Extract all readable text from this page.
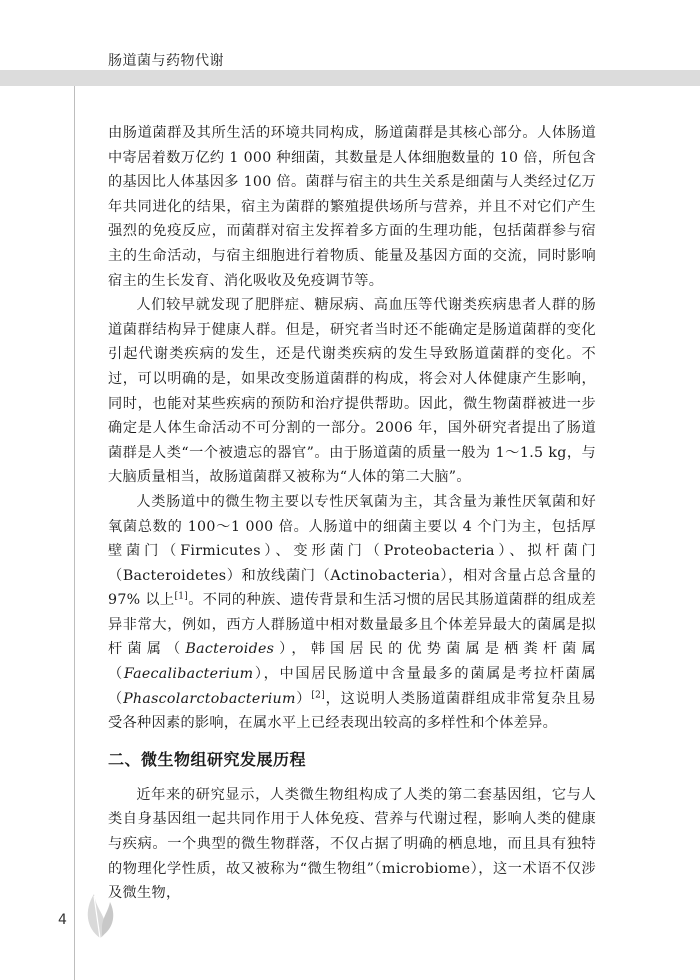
肠道菌与药物代谢

由肠道菌群及其所生活的环境共同构成，肠道菌群是其核心部分。人体肠道中寄居着数万亿约 1 000 种细菌，其数量是人体细胞数量的 10 倍，所包含的基因比人体基因多 100 倍。菌群与宿主的共生关系是细菌与人类经过亿万年共同进化的结果，宿主为菌群的繁殖提供场所与营养，并且不对它们产生强烈的免疫反应，而菌群对宿主发挥着多方面的生理功能，包括菌群参与宿主的生命活动，与宿主细胞进行着物质、能量及基因方面的交流，同时影响宿主的生长发育、消化吸收及免疫调节等。

人们较早就发现了肥胖症、糖尿病、高血压等代谢类疾病患者人群的肠道菌群结构异于健康人群。但是，研究者当时还不能确定是肠道菌群的变化引起代谢类疾病的发生，还是代谢类疾病的发生导致肠道菌群的变化。不过，可以明确的是，如果改变肠道菌群的构成，将会对人体健康产生影响，同时，也能对某些疾病的预防和治疗提供帮助。因此，微生物菌群被进一步确定是人体生命活动不可分割的一部分。2006 年，国外研究者提出了肠道菌群是人类“一个被遗忘的器官”。由于肠道菌的质量一般为 1～1.5 kg，与大脑质量相当，故肠道菌群又被称为“人体的第二大脑”。

人类肠道中的微生物主要以专性厌氧菌为主，其含量为兼性厌氧菌和好氧菌总数的 100～1 000 倍。人肠道中的细菌主要以 4 个门为主，包括厚壁菌门（Firmicutes）、变形菌门（Proteobacteria）、拟杆菌门（Bacteroidetes）和放线菌门（Actinobacteria），相对含量占总含量的 97% 以上[1]。不同的种族、遗传背景和生活习惯的居民其肠道菌群的组成差异非常大，例如，西方人群肠道中相对数量最多且个体差异最大的菌属是拟杆菌属（Bacteroides），韩国居民的优势菌属是栖粪杆菌属（Faecalibacterium），中国居民肠道中含量最多的菌属是考拉杆菌属（Phascolarctobacterium）[2]，这说明人类肠道菌群组成非常复杂且易受各种因素的影响，在属水平上已经表现出较高的多样性和个体差异。

二、微生物组研究发展历程

近年来的研究显示，人类微生物组构成了人类的第二套基因组，它与人类自身基因组一起共同作用于人体免疫、营养与代谢过程，影响人类的健康与疾病。一个典型的微生物群落，不仅占据了明确的栖息地，而且具有独特的物理化学性质，故又被称为“微生物组”（microbiome），这一术语不仅涉及微生物，

4
